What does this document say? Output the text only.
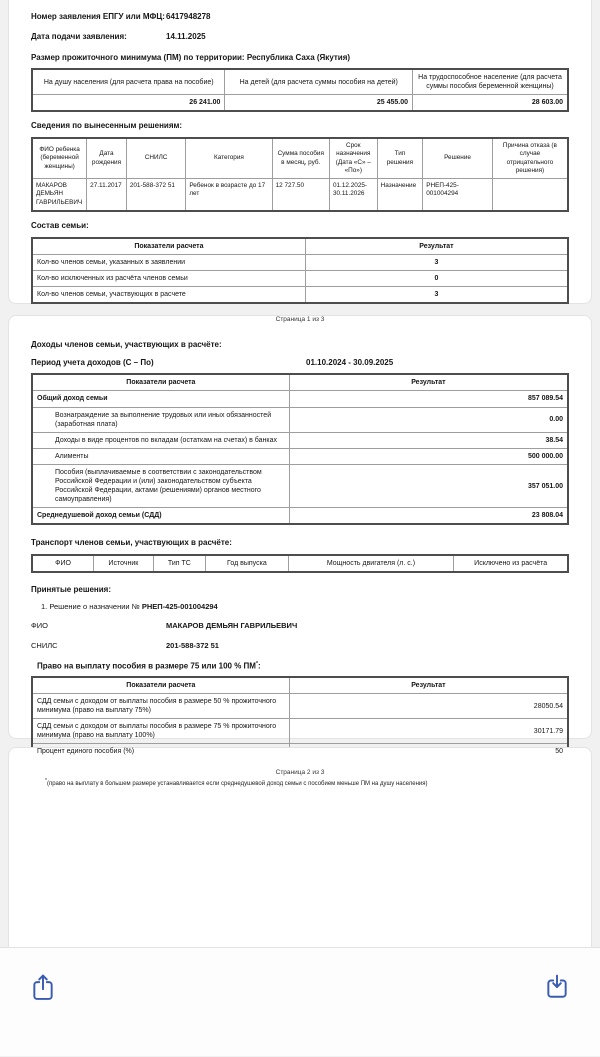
Номер заявления ЕПГУ или МФЦ: 6417948278
Дата подачи заявления:	14.11.2025
Размер прожиточного минимума (ПМ) по территории: Республика Саха (Якутия)
На душу населения (для расчета права на пособие)	На детей (для расчета суммы пособия на детей)	На трудоспособное население (для расчета суммы пособия беременной женщины)
26 241.00	25 455.00	28 603.00
Сведения по вынесенным решениям:
ФИО ребенка (беременной женщины)	Дата рождения	СНИЛС	Категория	Сумма пособия в месяц, руб.	Срок назначения (Дата «С» – «По»)	Тип решения	Решение	Причина отказа (в случае отрицательного решения)
МАКАРОВ ДЕМЬЯН ГАВРИЛЬЕВИЧ	27.11.2017	201-588-372 51	Ребенок в возрасте до 17 лет	12 727.50	01.12.2025- 30.11.2026	Назначение	РНЕП-425-001004294	
Состав семьи:
Показатели расчета	Результат
Кол-во членов семьи, указанных в заявлении	3
Кол-во исключенных из расчёта членов семьи	0
Кол-во членов семьи, участвующих в расчете	3
Страница 1 из 3
Доходы членов семьи, участвующих в расчёте:
Период учета доходов (С – По)	01.10.2024 - 30.09.2025
Показатели расчета	Результат
Общий доход семьи	857 089.54
Вознаграждение за выполнение трудовых или иных обязанностей (заработная плата)	0.00
Доходы в виде процентов по вкладам (остаткам на счетах) в банках	38.54
Алименты	500 000.00
Пособия (выплачиваемые в соответствии с законодательством Российской Федерации и (или) законодательством субъекта Российской Федерации, актами (решениями) органов местного самоуправления)	357 051.00
Среднедушевой доход семьи (СДД)	23 808.04
Транспорт членов семьи, участвующих в расчёте:
ФИО	Источник	Тип ТС	Год выпуска	Мощность двигателя (л. с.)	Исключено из расчёта
Принятые решения:
1. Решение о назначении № РНЕП-425-001004294
ФИО	МАКАРОВ ДЕМЬЯН ГАВРИЛЬЕВИЧ
СНИЛС	201-588-372 51
Право на выплату пособия в размере 75 или 100 % ПМ*:
Показатели расчета	Результат
СДД семьи с доходом от выплаты пособия в размере 50 % прожиточного минимума (право на выплату 75%)	28050.54
СДД семьи с доходом от выплаты пособия в размере 75 % прожиточного минимума (право на выплату 100%)	30171.79
Процент единого пособия (%)	50
Страница 2 из 3
*(право на выплату в большем размере устанавливается если среднедушевой доход семьи с пособием меньше ПМ на душу населения)
